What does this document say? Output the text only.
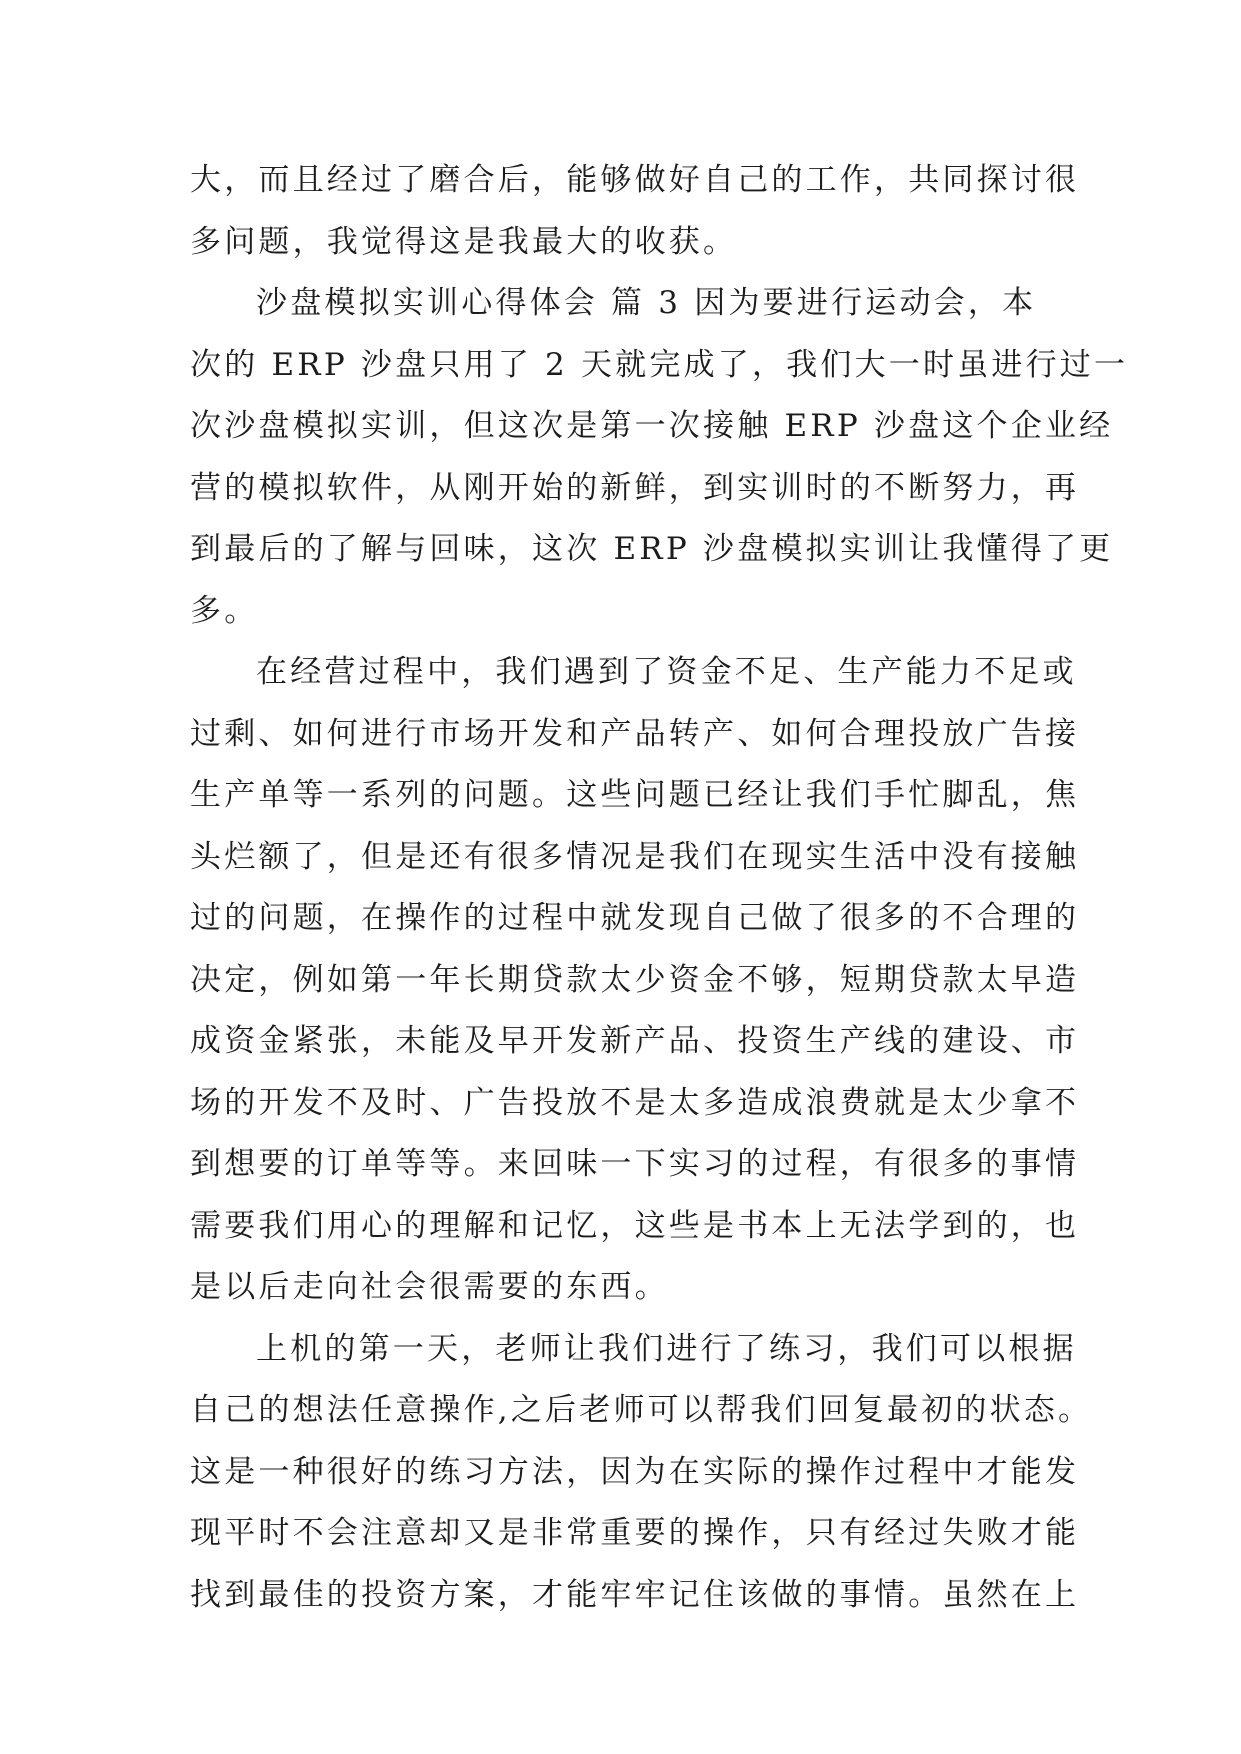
大，而且经过了磨合后，能够做好自己的工作，共同探讨很
多问题，我觉得这是我最大的收获。
沙盘模拟实训心得体会 篇 3 因为要进行运动会，本
次的 ERP 沙盘只用了 2 天就完成了，我们大一时虽进行过一
次沙盘模拟实训，但这次是第一次接触 ERP 沙盘这个企业经
营的模拟软件，从刚开始的新鲜，到实训时的不断努力，再
到最后的了解与回味，这次 ERP 沙盘模拟实训让我懂得了更
多。
在经营过程中，我们遇到了资金不足、生产能力不足或
过剩、如何进行市场开发和产品转产、如何合理投放广告接
生产单等一系列的问题。这些问题已经让我们手忙脚乱，焦
头烂额了，但是还有很多情况是我们在现实生活中没有接触
过的问题，在操作的过程中就发现自己做了很多的不合理的
决定，例如第一年长期贷款太少资金不够，短期贷款太早造
成资金紧张，未能及早开发新产品、投资生产线的建设、市
场的开发不及时、广告投放不是太多造成浪费就是太少拿不
到想要的订单等等。来回味一下实习的过程，有很多的事情
需要我们用心的理解和记忆，这些是书本上无法学到的，也
是以后走向社会很需要的东西。
上机的第一天，老师让我们进行了练习，我们可以根据
自己的想法任意操作,之后老师可以帮我们回复最初的状态。
这是一种很好的练习方法，因为在实际的操作过程中才能发
现平时不会注意却又是非常重要的操作，只有经过失败才能
找到最佳的投资方案，才能牢牢记住该做的事情。虽然在上
